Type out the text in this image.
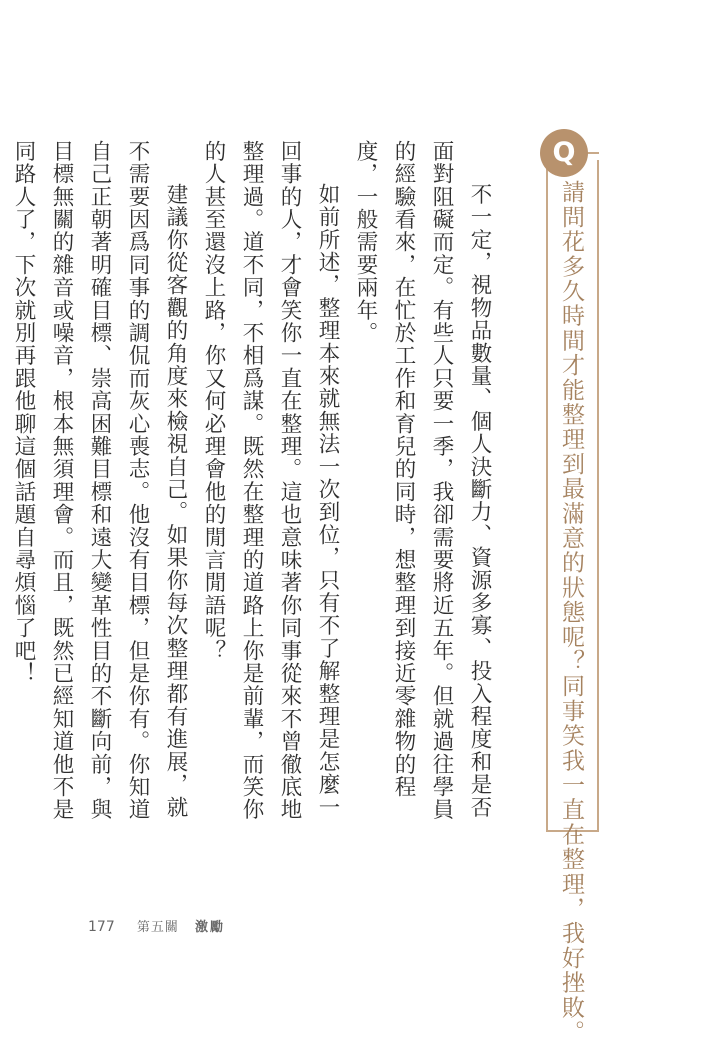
Q
請問花多久時間才能整理到最滿意的狀態呢？同事笑我一直在整理，我好挫敗。

不一定，視物品數量、個人決斷力、資源多寡、投入程度和是否面對阻礙而定。有些人只要一季，我卻需要將近五年。但就過往學員的經驗看來，在忙於工作和育兒的同時，想整理到接近零雜物的程度，一般需要兩年。

如前所述，整理本來就無法一次到位，只有不了解整理是怎麼一回事的人，才會笑你一直在整理。這也意味著你同事從來不曾徹底地整理過。道不同，不相爲謀。既然在整理的道路上你是前輩，而笑你的人甚至還沒上路，你又何必理會他的閒言閒語呢？

建議你從客觀的角度來檢視自己。如果你每次整理都有進展，就不需要因爲同事的調侃而灰心喪志。他沒有目標，但是你有。你知道自己正朝著明確目標、崇高困難目標和遠大變革性目的不斷向前，與目標無關的雜音或噪音，根本無須理會。而且，既然已經知道他不是同路人了，下次就別再跟他聊這個話題自尋煩惱了吧！

177 第五關 激勵
